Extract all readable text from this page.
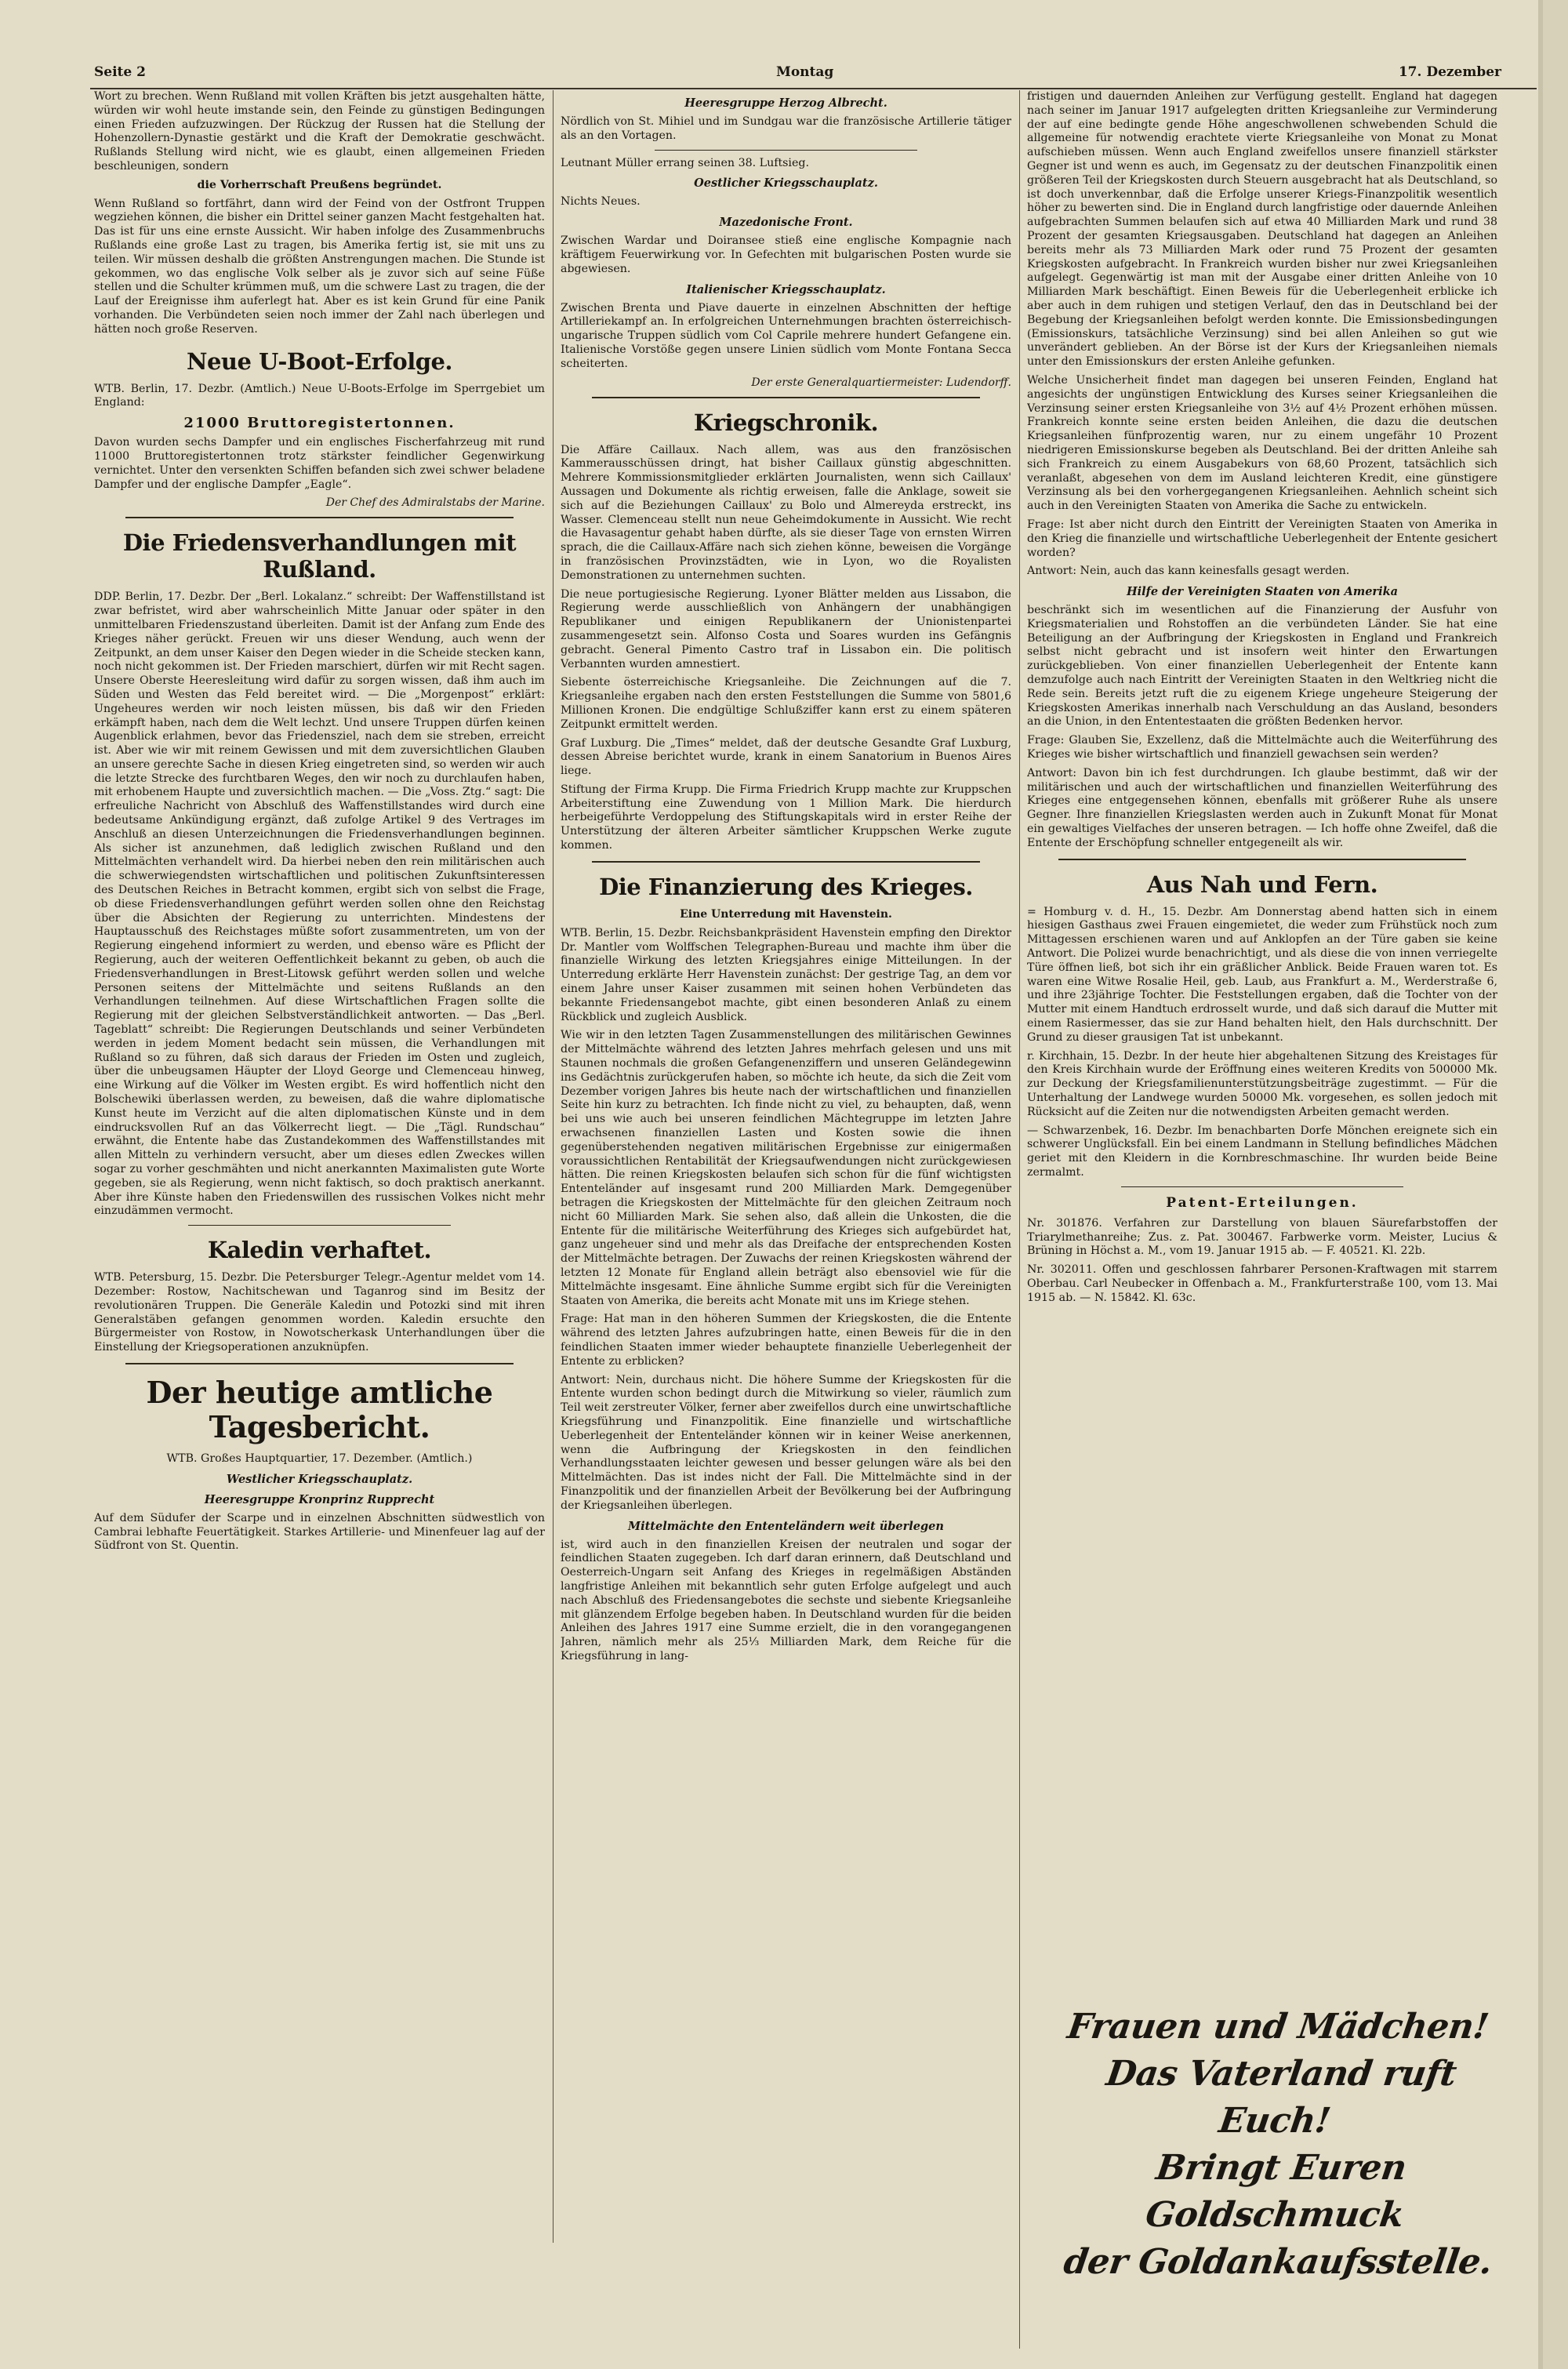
Seite 2	Montag	17. Dezember

Wort zu brechen. Wenn Rußland mit vollen Kräften bis jetzt ausgehalten hätte, würden wir wohl heute imstande sein, den Feinde zu günstigen Bedingungen einen Frieden aufzuzwingen. Der Rückzug der Russen hat die Stellung der Hohenzollern-Dynastie gestärkt und die Kraft der Demokratie geschwächt. Rußlands Stellung wird nicht, wie es glaubt, einen allgemeinen Frieden beschleunigen, sondern

die Vorherrschaft Preußens begründet.

Wenn Rußland so fortfährt, dann wird der Feind von der Ostfront Truppen wegziehen können, die bisher ein Drittel seiner ganzen Macht festgehalten hat. Das ist für uns eine ernste Aussicht. Wir haben infolge des Zusammenbruchs Rußlands eine große Last zu tragen, bis Amerika fertig ist, sie mit uns zu teilen. Wir müssen deshalb die größten Anstrengungen machen. Die Stunde ist gekommen, wo das englische Volk selber als je zuvor sich auf seine Füße stellen und die Schulter krümmen muß, um die schwere Last zu tragen, die der Lauf der Ereignisse ihm auferlegt hat. Aber es ist kein Grund für eine Panik vorhanden. Die Verbündeten seien noch immer der Zahl nach überlegen und hätten noch große Reserven.

Neue U-Boot-Erfolge.

WTB. Berlin, 17. Dezbr. (Amtlich.) Neue U-Boots-Erfolge im Sperrgebiet um England:

21000 Bruttoregistertonnen.

Davon wurden sechs Dampfer und ein englisches Fischerfahrzeug mit rund 11000 Bruttoregistertonnen trotz stärkster feindlicher Gegenwirkung vernichtet. Unter den versenkten Schiffen befanden sich zwei schwer beladene Dampfer und der englische Dampfer „Eagle“.

Der Chef des Admiralstabs der Marine.
Die Friedensverhandlungen mit Rußland.

DDP. Berlin, 17. Dezbr. Der „Berl. Lokalanz.“ schreibt: Der Waffenstillstand ist zwar befristet, wird aber wahrscheinlich Mitte Januar oder später in den unmittelbaren Friedenszustand überleiten. Damit ist der Anfang zum Ende des Krieges näher gerückt. Freuen wir uns dieser Wendung, auch wenn der Zeitpunkt, an dem unser Kaiser den Degen wieder in die Scheide stecken kann, noch nicht gekommen ist. Der Frieden marschiert, dürfen wir mit Recht sagen. Unsere Oberste Heeresleitung wird dafür zu sorgen wissen, daß ihm auch im Süden und Westen das Feld bereitet wird. — Die „Morgenpost“ erklärt: Ungeheures werden wir noch leisten müssen, bis daß wir den Frieden erkämpft haben, nach dem die Welt lechzt. Und unsere Truppen dürfen keinen Augenblick erlahmen, bevor das Friedensziel, nach dem sie streben, erreicht ist. Aber wie wir mit reinem Gewissen und mit dem zuversichtlichen Glauben an unsere gerechte Sache in diesen Krieg eingetreten sind, so werden wir auch die letzte Strecke des furchtbaren Weges, den wir noch zu durchlaufen haben, mit erhobenem Haupte und zuversichtlich machen. — Die „Voss. Ztg.“ sagt: Die erfreuliche Nachricht von Abschluß des Waffenstillstandes wird durch eine bedeutsame Ankündigung ergänzt, daß zufolge Artikel 9 des Vertrages im Anschluß an diesen Unterzeichnungen die Friedensverhandlungen beginnen. Als sicher ist anzunehmen, daß lediglich zwischen Rußland und den Mittelmächten verhandelt wird. Da hierbei neben den rein militärischen auch die schwerwiegendsten wirtschaftlichen und politischen Zukunftsinteressen des Deutschen Reiches in Betracht kommen, ergibt sich von selbst die Frage, ob diese Friedensverhandlungen geführt werden sollen ohne den Reichstag über die Absichten der Regierung zu unterrichten. Mindestens der Hauptausschuß des Reichstages müßte sofort zusammentreten, um von der Regierung eingehend informiert zu werden, und ebenso wäre es Pflicht der Regierung, auch der weiteren Oeffentlichkeit bekannt zu geben, ob auch die Friedensverhandlungen in Brest-Litowsk geführt werden sollen und welche Personen seitens der Mittelmächte und seitens Rußlands an den Verhandlungen teilnehmen. Auf diese Wirtschaftlichen Fragen sollte die Regierung mit der gleichen Selbstverständlichkeit antworten. — Das „Berl. Tageblatt“ schreibt: Die Regierungen Deutschlands und seiner Verbündeten werden in jedem Moment bedacht sein müssen, die Verhandlungen mit Rußland so zu führen, daß sich daraus der Frieden im Osten und zugleich, über die unbeugsamen Häupter der Lloyd George und Clemenceau hinweg, eine Wirkung auf die Völker im Westen ergibt. Es wird hoffentlich nicht den Bolschewiki überlassen werden, zu beweisen, daß die wahre diplomatische Kunst heute im Verzicht auf die alten diplomatischen Künste und in dem eindrucksvollen Ruf an das Völkerrecht liegt. — Die „Tägl. Rundschau“ erwähnt, die Entente habe das Zustandekommen des Waffenstillstandes mit allen Mitteln zu verhindern versucht, aber um dieses edlen Zweckes willen sogar zu vorher geschmähten und nicht anerkannten Maximalisten gute Worte gegeben, sie als Regierung, wenn nicht faktisch, so doch praktisch anerkannt. Aber ihre Künste haben den Friedenswillen des russischen Volkes nicht mehr einzudämmen vermocht.

Kaledin verhaftet.

WTB. Petersburg, 15. Dezbr. Die Petersburger Telegr.-Agentur meldet vom 14. Dezember: Rostow, Nachitschewan und Taganrog sind im Besitz der revolutionären Truppen. Die Generäle Kaledin und Potozki sind mit ihren Generalstäben gefangen genommen worden. Kaledin ersuchte den Bürgermeister von Rostow, in Nowotscherkask Unterhandlungen über die Einstellung der Kriegsoperationen anzuknüpfen.

Der heutige amtliche Tagesbericht.

WTB. Großes Hauptquartier, 17. Dezember. (Amtlich.)

Westlicher Kriegsschauplatz.
Heeresgruppe Kronprinz Rupprecht

Auf dem Südufer der Scarpe und in einzelnen Abschnitten südwestlich von Cambrai lebhafte Feuertätigkeit. Starkes Artillerie- und Minenfeuer lag auf der Südfront von St. Quentin.

Heeresgruppe Herzog Albrecht.

Nördlich von St. Mihiel und im Sundgau war die französische Artillerie tätiger als an den Vortagen.

Leutnant Müller errang seinen 38. Luftsieg.

Oestlicher Kriegsschauplatz.

Nichts Neues.

Mazedonische Front.

Zwischen Wardar und Doiransee stieß eine englische Kompagnie nach kräftigem Feuerwirkung vor. In Gefechten mit bulgarischen Posten wurde sie abgewiesen.

Italienischer Kriegsschauplatz.

Zwischen Brenta und Piave dauerte in einzelnen Abschnitten der heftige Artilleriekampf an. In erfolgreichen Unternehmungen brachten österreichisch-ungarische Truppen südlich vom Col Caprile mehrere hundert Gefangene ein. Italienische Vorstöße gegen unsere Linien südlich vom Monte Fontana Secca scheiterten.

Der erste Generalquartiermeister: Ludendorff.
Kriegschronik.

Die Affäre Caillaux. Nach allem, was aus den französischen Kammerausschüssen dringt, hat bisher Caillaux günstig abgeschnitten. Mehrere Kommissionsmitglieder erklärten Journalisten, wenn sich Caillaux' Aussagen und Dokumente als richtig erweisen, falle die Anklage, soweit sie sich auf die Beziehungen Caillaux' zu Bolo und Almereyda erstreckt, ins Wasser. Clemenceau stellt nun neue Geheimdokumente in Aussicht. Wie recht die Havasagentur gehabt haben dürfte, als sie dieser Tage von ernsten Wirren sprach, die die Caillaux-Affäre nach sich ziehen könne, beweisen die Vorgänge in französischen Provinzstädten, wie in Lyon, wo die Royalisten Demonstrationen zu unternehmen suchten.

Die neue portugiesische Regierung. Lyoner Blätter melden aus Lissabon, die Regierung werde ausschließlich von Anhängern der unabhängigen Republikaner und einigen Republikanern der Unionistenpartei zusammengesetzt sein. Alfonso Costa und Soares wurden ins Gefängnis gebracht. General Pimento Castro traf in Lissabon ein. Die politisch Verbannten wurden amnestiert.

Siebente österreichische Kriegsanleihe. Die Zeichnungen auf die 7. Kriegsanleihe ergaben nach den ersten Feststellungen die Summe von 5801,6 Millionen Kronen. Die endgültige Schlußziffer kann erst zu einem späteren Zeitpunkt ermittelt werden.

Graf Luxburg. Die „Times“ meldet, daß der deutsche Gesandte Graf Luxburg, dessen Abreise berichtet wurde, krank in einem Sanatorium in Buenos Aires liege.

Stiftung der Firma Krupp. Die Firma Friedrich Krupp machte zur Kruppschen Arbeiterstiftung eine Zuwendung von 1 Million Mark. Die hierdurch herbeigeführte Verdoppelung des Stiftungskapitals wird in erster Reihe der Unterstützung der älteren Arbeiter sämtlicher Kruppschen Werke zugute kommen.

Die Finanzierung des Krieges.
Eine Unterredung mit Havenstein.

WTB. Berlin, 15. Dezbr. Reichsbankpräsident Havenstein empfing den Direktor Dr. Mantler vom Wolffschen Telegraphen-Bureau und machte ihm über die finanzielle Wirkung des letzten Kriegsjahres einige Mitteilungen. In der Unterredung erklärte Herr Havenstein zunächst: Der gestrige Tag, an dem vor einem Jahre unser Kaiser zusammen mit seinen hohen Verbündeten das bekannte Friedensangebot machte, gibt einen besonderen Anlaß zu einem Rückblick und zugleich Ausblick.

Wie wir in den letzten Tagen Zusammenstellungen des militärischen Gewinnes der Mittelmächte während des letzten Jahres mehrfach gelesen und uns mit Staunen nochmals die großen Gefangenenziffern und unseren Geländegewinn ins Gedächtnis zurückgerufen haben, so möchte ich heute, da sich die Zeit vom Dezember vorigen Jahres bis heute nach der wirtschaftlichen und finanziellen Seite hin kurz zu betrachten. Ich finde nicht zu viel, zu behaupten, daß, wenn bei uns wie auch bei unseren feindlichen Mächtegruppe im letzten Jahre erwachsenen finanziellen Lasten und Kosten sowie die ihnen gegenüberstehenden negativen militärischen Ergebnisse zur einigermaßen voraussichtlichen Rentabilität der Kriegsaufwendungen nicht zurückgewiesen hätten. Die reinen Kriegskosten belaufen sich schon für die fünf wichtigsten Ententeländer auf insgesamt rund 200 Milliarden Mark. Demgegenüber betragen die Kriegskosten der Mittelmächte für den gleichen Zeitraum noch nicht 60 Milliarden Mark. Sie sehen also, daß allein die Unkosten, die die Entente für die militärische Weiterführung des Krieges sich aufgebürdet hat, ganz ungeheuer sind und mehr als das Dreifache der entsprechenden Kosten der Mittelmächte betragen. Der Zuwachs der reinen Kriegskosten während der letzten 12 Monate für England allein beträgt also ebensoviel wie für die Mittelmächte insgesamt. Eine ähnliche Summe ergibt sich für die Vereinigten Staaten von Amerika, die bereits acht Monate mit uns im Kriege stehen.

Frage: Hat man in den höheren Summen der Kriegskosten, die die Entente während des letzten Jahres aufzubringen hatte, einen Beweis für die in den feindlichen Staaten immer wieder behauptete finanzielle Ueberlegenheit der Entente zu erblicken?

Antwort: Nein, durchaus nicht. Die höhere Summe der Kriegskosten für die Entente wurden schon bedingt durch die Mitwirkung so vieler, räumlich zum Teil weit zerstreuter Völker, ferner aber zweifellos durch eine unwirtschaftliche Kriegsführung und Finanzpolitik. Eine finanzielle und wirtschaftliche Ueberlegenheit der Ententeländer können wir in keiner Weise anerkennen, wenn die Aufbringung der Kriegskosten in den feindlichen Verhandlungsstaaten leichter gewesen und besser gelungen wäre als bei den Mittelmächten. Das ist indes nicht der Fall. Die Mittelmächte sind in der Finanzpolitik und der finanziellen Arbeit der Bevölkerung bei der Aufbringung der Kriegsanleihen überlegen.

Mittelmächte den Ententeländern weit überlegen

ist, wird auch in den finanziellen Kreisen der neutralen und sogar der feindlichen Staaten zugegeben. Ich darf daran erinnern, daß Deutschland und Oesterreich-Ungarn seit Anfang des Krieges in regelmäßigen Abständen langfristige Anleihen mit bekanntlich sehr guten Erfolge aufgelegt und auch nach Abschluß des Friedensangebotes die sechste und siebente Kriegsanleihe mit glänzendem Erfolge begeben haben. In Deutschland wurden für die beiden Anleihen des Jahres 1917 eine Summe erzielt, die in den vorangegangenen Jahren, nämlich mehr als 25⅓ Milliarden Mark, dem Reiche für die Kriegsführung in lang-

fristigen und dauernden Anleihen zur Verfügung gestellt. England hat dagegen nach seiner im Januar 1917 aufgelegten dritten Kriegsanleihe zur Verminderung der auf eine bedingte gende Höhe angeschwollenen schwebenden Schuld die allgemeine für notwendig erachtete vierte Kriegsanleihe von Monat zu Monat aufschieben müssen. Wenn auch England zweifellos unsere finanziell stärkster Gegner ist und wenn es auch, im Gegensatz zu der deutschen Finanzpolitik einen größeren Teil der Kriegskosten durch Steuern ausgebracht hat als Deutschland, so ist doch unverkennbar, daß die Erfolge unserer Kriegs-Finanzpolitik wesentlich höher zu bewerten sind. Die in England durch langfristige oder dauernde Anleihen aufgebrachten Summen belaufen sich auf etwa 40 Milliarden Mark und rund 38 Prozent der gesamten Kriegsausgaben. Deutschland hat dagegen an Anleihen bereits mehr als 73 Milliarden Mark oder rund 75 Prozent der gesamten Kriegskosten aufgebracht. In Frankreich wurden bisher nur zwei Kriegsanleihen aufgelegt. Gegenwärtig ist man mit der Ausgabe einer dritten Anleihe von 10 Milliarden Mark beschäftigt. Einen Beweis für die Ueberlegenheit erblicke ich aber auch in dem ruhigen und stetigen Verlauf, den das in Deutschland bei der Begebung der Kriegsanleihen befolgt werden konnte. Die Emissionsbedingungen (Emissionskurs, tatsächliche Verzinsung) sind bei allen Anleihen so gut wie unverändert geblieben. An der Börse ist der Kurs der Kriegsanleihen niemals unter den Emissionskurs der ersten Anleihe gefunken.

Welche Unsicherheit findet man dagegen bei unseren Feinden, England hat angesichts der ungünstigen Entwicklung des Kurses seiner Kriegsanleihen die Verzinsung seiner ersten Kriegsanleihe von 3½ auf 4½ Prozent erhöhen müssen. Frankreich konnte seine ersten beiden Anleihen, die dazu die deutschen Kriegsanleihen fünfprozentig waren, nur zu einem ungefähr 10 Prozent niedrigeren Emissionskurse begeben als Deutschland. Bei der dritten Anleihe sah sich Frankreich zu einem Ausgabekurs von 68,60 Prozent, tatsächlich sich veranlaßt, abgesehen von dem im Ausland leichteren Kredit, eine günstigere Verzinsung als bei den vorhergegangenen Kriegsanleihen. Aehnlich scheint sich auch in den Vereinigten Staaten von Amerika die Sache zu entwickeln.

Frage: Ist aber nicht durch den Eintritt der Vereinigten Staaten von Amerika in den Krieg die finanzielle und wirtschaftliche Ueberlegenheit der Entente gesichert worden?

Antwort: Nein, auch das kann keinesfalls gesagt werden.

Hilfe der Vereinigten Staaten von Amerika

beschränkt sich im wesentlichen auf die Finanzierung der Ausfuhr von Kriegsmaterialien und Rohstoffen an die verbündeten Länder. Sie hat eine Beteiligung an der Aufbringung der Kriegskosten in England und Frankreich selbst nicht gebracht und ist insofern weit hinter den Erwartungen zurückgeblieben. Von einer finanziellen Ueberlegenheit der Entente kann demzufolge auch nach Eintritt der Vereinigten Staaten in den Weltkrieg nicht die Rede sein. Bereits jetzt ruft die zu eigenem Kriege ungeheure Steigerung der Kriegskosten Amerikas innerhalb nach Verschuldung an das Ausland, besonders an die Union, in den Ententestaaten die größten Bedenken hervor.

Frage: Glauben Sie, Exzellenz, daß die Mittelmächte auch die Weiterführung des Krieges wie bisher wirtschaftlich und finanziell gewachsen sein werden?

Antwort: Davon bin ich fest durchdrungen. Ich glaube bestimmt, daß wir der militärischen und auch der wirtschaftlichen und finanziellen Weiterführung des Krieges eine entgegensehen können, ebenfalls mit größerer Ruhe als unsere Gegner. Ihre finanziellen Kriegslasten werden auch in Zukunft Monat für Monat ein gewaltiges Vielfaches der unseren betragen. — Ich hoffe ohne Zweifel, daß die Entente der Erschöpfung schneller entgegeneilt als wir.

Aus Nah und Fern.

= Homburg v. d. H., 15. Dezbr. Am Donnerstag abend hatten sich in einem hiesigen Gasthaus zwei Frauen eingemietet, die weder zum Frühstück noch zum Mittagessen erschienen waren und auf Anklopfen an der Türe gaben sie keine Antwort. Die Polizei wurde benachrichtigt, und als diese die von innen verriegelte Türe öffnen ließ, bot sich ihr ein gräßlicher Anblick. Beide Frauen waren tot. Es waren eine Witwe Rosalie Heil, geb. Laub, aus Frankfurt a. M., Werderstraße 6, und ihre 23jährige Tochter. Die Feststellungen ergaben, daß die Tochter von der Mutter mit einem Handtuch erdrosselt wurde, und daß sich darauf die Mutter mit einem Rasiermesser, das sie zur Hand behalten hielt, den Hals durchschnitt. Der Grund zu dieser grausigen Tat ist unbekannt.

r. Kirchhain, 15. Dezbr. In der heute hier abgehaltenen Sitzung des Kreistages für den Kreis Kirchhain wurde der Eröffnung eines weiteren Kredits von 500000 Mk. zur Deckung der Kriegsfamilienunterstützungsbeiträge zugestimmt. — Für die Unterhaltung der Landwege wurden 50000 Mk. vorgesehen, es sollen jedoch mit Rücksicht auf die Zeiten nur die notwendigsten Arbeiten gemacht werden.

— Schwarzenbek, 16. Dezbr. Im benachbarten Dorfe Mönchen ereignete sich ein schwerer Unglücksfall. Ein bei einem Landmann in Stellung befindliches Mädchen geriet mit den Kleidern in die Kornbreschmaschine. Ihr wurden beide Beine zermalmt.

Patent-Erteilungen.

Nr. 301876. Verfahren zur Darstellung von blauen Säurefarbstoffen der Triarylmethanreihe; Zus. z. Pat. 300467. Farbwerke vorm. Meister, Lucius & Brüning in Höchst a. M., vom 19. Januar 1915 ab. — F. 40521. Kl. 22b.

Nr. 302011. Offen und geschlossen fahrbarer Personen-Kraftwagen mit starrem Oberbau. Carl Neubecker in Offenbach a. M., Frankfurterstraße 100, vom 13. Mai 1915 ab. — N. 15842. Kl. 63c.

Frauen und Mädchen!
Das Vaterland ruft Euch!
Bringt Euren Goldschmuck
der Goldankaufsstelle.
